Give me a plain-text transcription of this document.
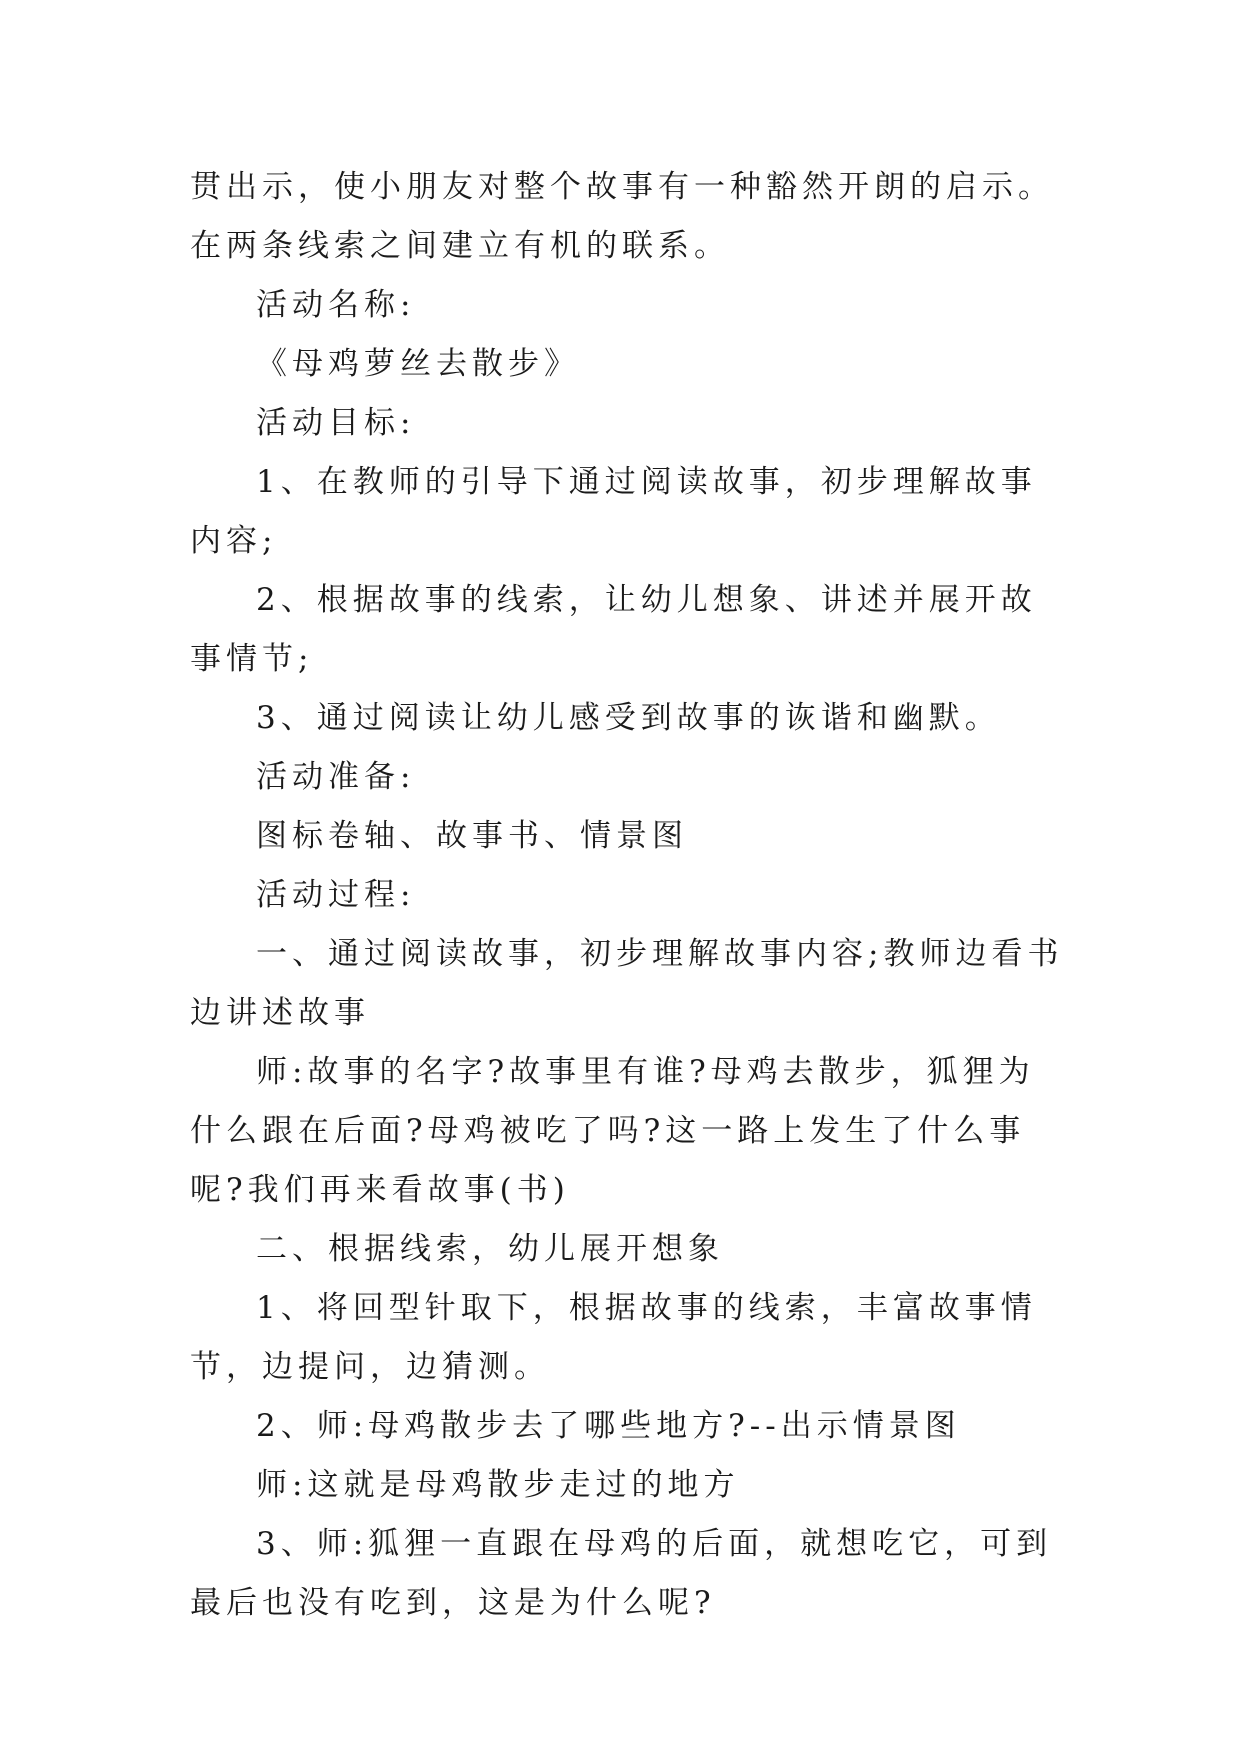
贯出示，使小朋友对整个故事有一种豁然开朗的启示。在两条线索之间建立有机的联系。

活动名称:

《母鸡萝丝去散步》

活动目标:

1、在教师的引导下通过阅读故事，初步理解故事内容;

2、根据故事的线索，让幼儿想象、讲述并展开故事情节;

3、通过阅读让幼儿感受到故事的诙谐和幽默。

活动准备:

图标卷轴、故事书、情景图

活动过程:

一、通过阅读故事，初步理解故事内容;教师边看书边讲述故事

师:故事的名字?故事里有谁?母鸡去散步，狐狸为什么跟在后面?母鸡被吃了吗?这一路上发生了什么事呢?我们再来看故事(书)

二、根据线索，幼儿展开想象

1、将回型针取下，根据故事的线索，丰富故事情节，边提问，边猜测。

2、师:母鸡散步去了哪些地方?--出示情景图

师:这就是母鸡散步走过的地方

3、师:狐狸一直跟在母鸡的后面，就想吃它，可到最后也没有吃到，这是为什么呢?
